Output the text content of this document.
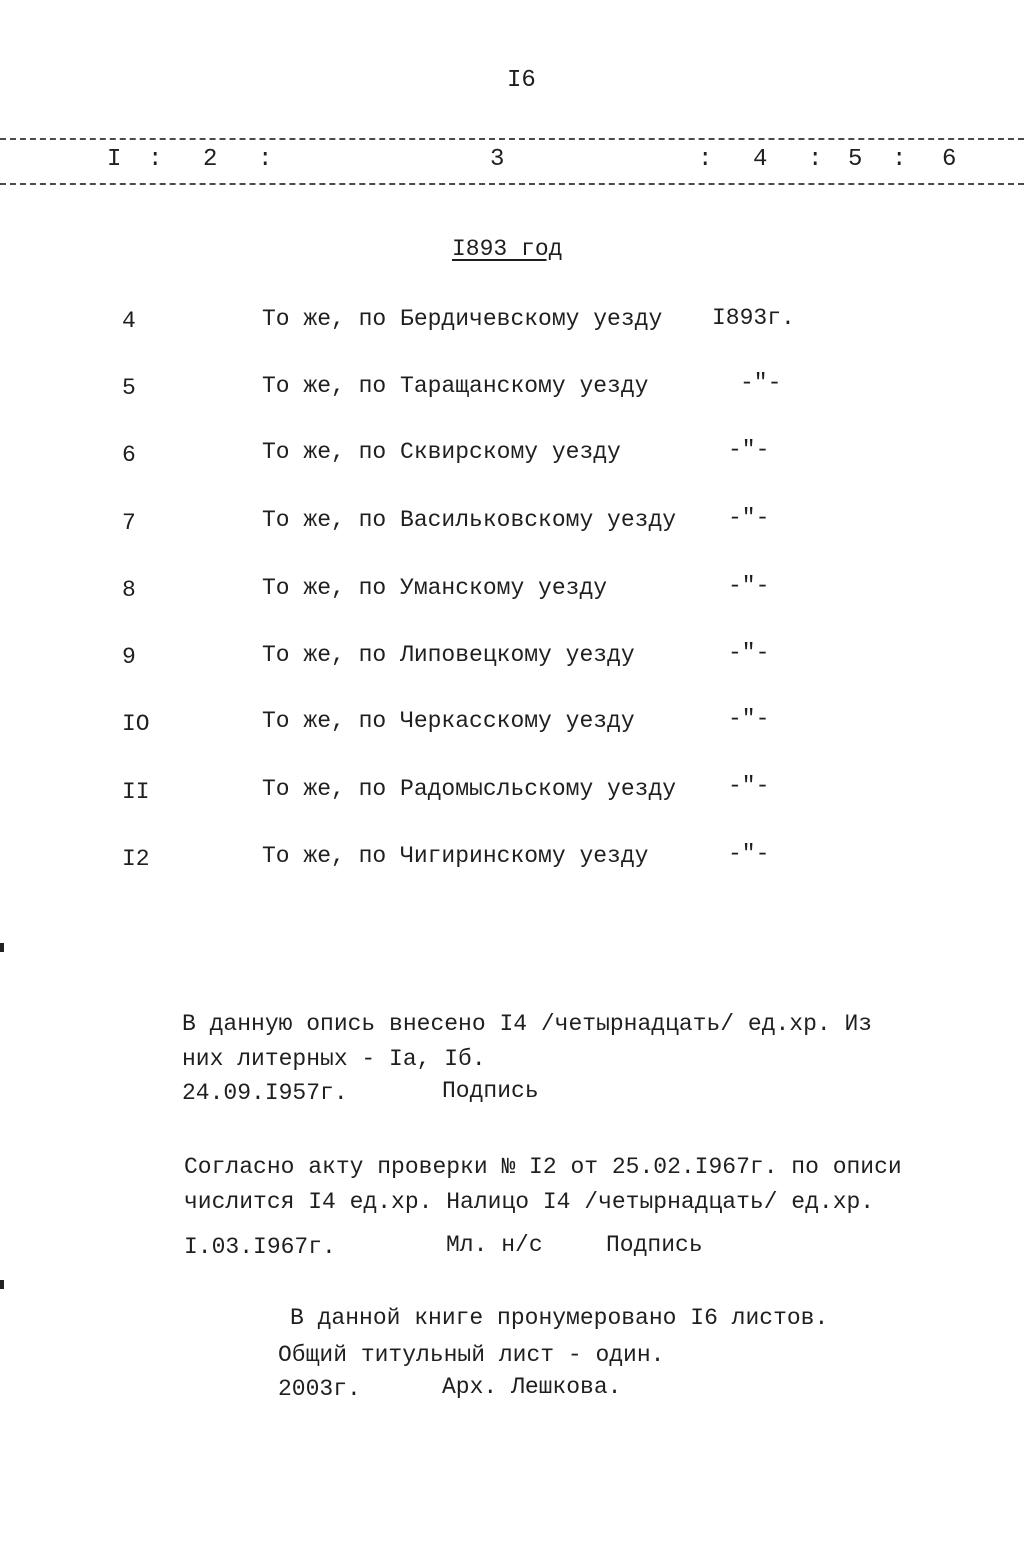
I6
I : 2 :	3	: 4 : 5 : 6
I893 год
4	То же, по Бердичевскому уезду I893г.
5	То же, по Таращанскому уезду	-"-
6	То же, по Сквирскому уезду	-"-
7	То же, по Васильковскому уезду -"-
8	То же, по Уманскому уезду	-"-
9	То же, по Липовецкому уезду	-"-
IO	То же, по Черкасскому уезду	-"-
II	То же, по Радомысльскому уезду -"-
I2	То же, по Чигиринскому уезду	-"-
В данную опись внесено I4 /четырнадцать/ ед.хр. Из
них литерных - Iа, Iб.
24.09.I957г.	Подпись
Согласно акту проверки № I2 от 25.02.I967г. по описи
числится I4 ед.хр. Налицо I4 /четырнадцать/ ед.хр.
I.03.I967г.	Мл. н/с	Подпись
В данной книге пронумеровано I6 листов.
Общий титульный лист - один.
2003г.	Арх. Лешкова.
